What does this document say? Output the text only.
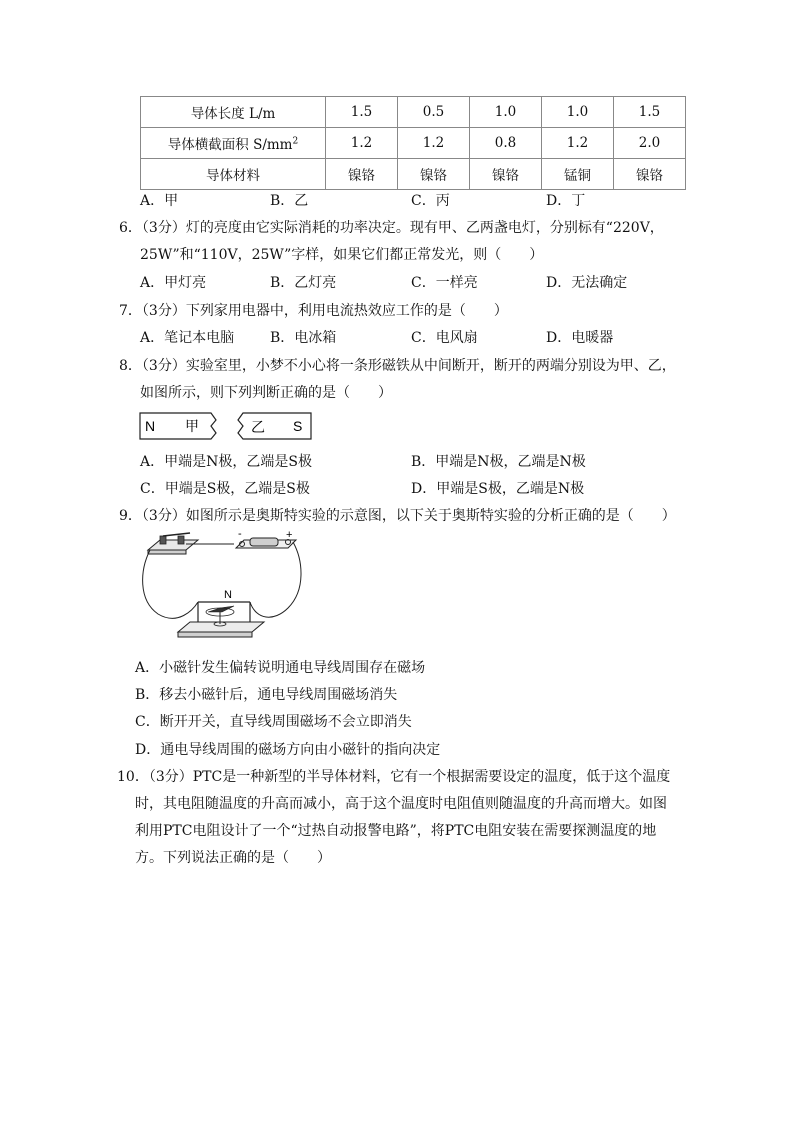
导体长度 L/m	1.5	0.5	1.0	1.0	1.5
导体横截面积 $S/mm^2$	1.2	1.2	0.8	1.2	2.0
导体材料	镍铬	镍铬	镍铬	锰铜	镍铬
A．甲	B．乙	C．丙	D．丁
6．（3分）灯的亮度由它实际消耗的功率决定。现有甲、乙两盏电灯，分别标有“220V，
25W”和“110V，25W”字样，如果它们都正常发光，则（　　）
A．甲灯亮	B．乙灯亮	C．一样亮	D．无法确定
7．（3分）下列家用电器中，利用电流热效应工作的是（　　）
A．笔记本电脑	B．电冰箱	C．电风扇	D．电暖器
8．（3分）实验室里，小梦不小心将一条形磁铁从中间断开，断开的两端分别设为甲、乙，
如图所示，则下列判断正确的是（　　）
N 甲	乙 S
A．甲端是N极，乙端是S极	B．甲端是N极，乙端是N极
C．甲端是S极，乙端是S极	D．甲端是S极，乙端是N极
9．（3分）如图所示是奥斯特实验的示意图，以下关于奥斯特实验的分析正确的是（　　）
-	+
N
A．小磁针发生偏转说明通电导线周围存在磁场
B．移去小磁针后，通电导线周围磁场消失
C．断开开关，直导线周围磁场不会立即消失
D．通电导线周围的磁场方向由小磁针的指向决定
10．（3分）PTC是一种新型的半导体材料，它有一个根据需要设定的温度，低于这个温度
时，其电阻随温度的升高而减小，高于这个温度时电阻值则随温度的升高而增大。如图
利用PTC电阻设计了一个“过热自动报警电路”，将PTC电阻安装在需要探测温度的地
方。下列说法正确的是（　　）
